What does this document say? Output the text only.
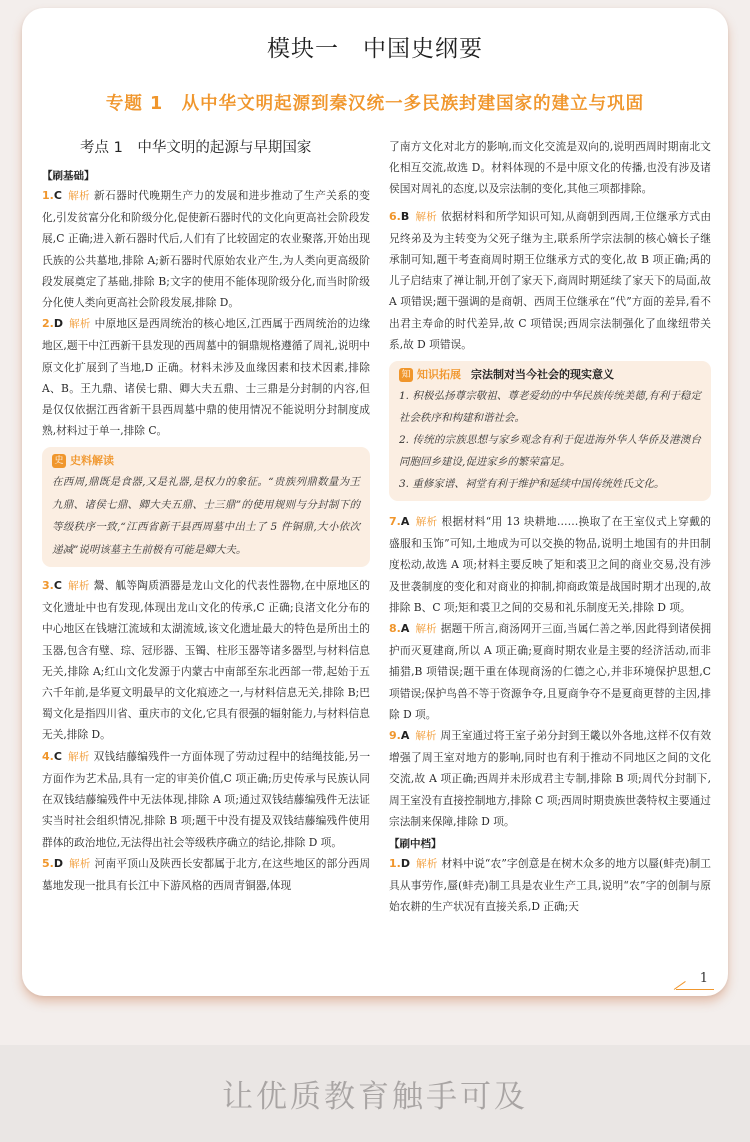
模块一　中国史纲要
专题 1　从中华文明起源到秦汉统一多民族封建国家的建立与巩固
考点 1　中华文明的起源与早期国家
【刷基础】
1.C 解析 新石器时代晚期生产力的发展和进步推动了生产关系的变化,引发贫富分化和阶级分化,促使新石器时代的文化向更高社会阶段发展,C 正确;进入新石器时代后,人们有了比较固定的农业聚落,开始出现氏族的公共墓地,排除 A;新石器时代原始农业产生,为人类向更高级阶段发展奠定了基础,排除 B;文字的使用不能体现阶级分化,而当时阶级分化使人类向更高社会阶段发展,排除 D。
2.D 解析 中原地区是西周统治的核心地区,江西属于西周统治的边缘地区,题干中江西新干县发现的西周墓中的铜鼎规格遵循了周礼,说明中原文化扩展到了当地,D 正确。材料未涉及血缘因素和技术因素,排除 A、B。王九鼎、诸侯七鼎、卿大夫五鼎、士三鼎是分封制的内容,但是仅仅依据江西省新干县西周墓中鼎的使用情况不能说明分封制度成熟,材料过于单一,排除 C。
史 史料解读
在西周,鼎既是食器,又是礼器,是权力的象征。“贵族列鼎数量为王九鼎、诸侯七鼎、卿大夫五鼎、士三鼎”的使用规则与分封制下的等级秩序一致,“江西省新干县西周墓中出土了 5 件铜鼎,大小依次递减”说明该墓主生前极有可能是卿大夫。
3.C 解析 鬶、觚等陶质酒器是龙山文化的代表性器物,在中原地区的文化遗址中也有发现,体现出龙山文化的传承,C 正确;良渚文化分布的中心地区在钱塘江流域和太湖流域,该文化遗址最大的特色是所出土的玉器,包含有璧、琮、冠形器、玉镯、柱形玉器等诸多器型,与材料信息无关,排除 A;红山文化发源于内蒙古中南部至东北西部一带,起始于五六千年前,是华夏文明最早的文化痕迹之一,与材料信息无关,排除 B;巴蜀文化是指四川省、重庆市的文化,它具有很强的辐射能力,与材料信息无关,排除 D。
4.C 解析 双钱结藤编残件一方面体现了劳动过程中的结绳技能,另一方面作为艺术品,具有一定的审美价值,C 项正确;历史传承与民族认同在双钱结藤编残件中无法体现,排除 A 项;通过双钱结藤编残件无法证实当时社会组织情况,排除 B 项;题干中没有提及双钱结藤编残件使用群体的政治地位,无法得出社会等级秩序确立的结论,排除 D 项。
5.D 解析 河南平顶山及陕西长安都属于北方,在这些地区的部分西周墓地发现一批具有长江中下游风格的西周青铜器,体现
了南方文化对北方的影响,而文化交流是双向的,说明西周时期南北文化相互交流,故选 D。材料体现的不是中原文化的传播,也没有涉及诸侯国对周礼的态度,以及宗法制的变化,其他三项都排除。
6.B 解析 依据材料和所学知识可知,从商朝到西周,王位继承方式由兄终弟及为主转变为父死子继为主,联系所学宗法制的核心嫡长子继承制可知,题干考查商周时期王位继承方式的变化,故 B 项正确;禹的儿子启结束了禅让制,开创了家天下,商周时期延续了家天下的局面,故 A 项错误;题干强调的是商朝、西周王位继承在“代”方面的差异,看不出君主寿命的时代差异,故 C 项错误;西周宗法制强化了血缘纽带关系,故 D 项错误。
知 知识拓展 宗法制对当今社会的现实意义
1. 积极弘扬尊宗敬祖、尊老爱幼的中华民族传统美德,有利于稳定社会秩序和构建和谐社会。
2. 传统的宗族思想与家乡观念有利于促进海外华人华侨及港澳台同胞回乡建设,促进家乡的繁荣富足。
3. 重修家谱、祠堂有利于维护和延续中国传统姓氏文化。
7.A 解析 根据材料“用 13 块耕地……换取了在王室仪式上穿戴的盛服和玉饰”可知,土地成为可以交换的物品,说明土地国有的井田制度松动,故选 A 项;材料主要反映了矩和裘卫之间的商业交易,没有涉及世袭制度的变化和对商业的抑制,抑商政策是战国时期才出现的,故排除 B、C 项;矩和裘卫之间的交易和礼乐制度无关,排除 D 项。
8.A 解析 据题干所言,商汤网开三面,当属仁善之举,因此得到诸侯拥护而灭夏建商,所以 A 项正确;夏商时期农业是主要的经济活动,而非捕猎,B 项错误;题干重在体现商汤的仁德之心,并非环境保护思想,C 项错误;保护鸟兽不等于资源争夺,且夏商争夺不是夏商更替的主因,排除 D 项。
9.A 解析 周王室通过将王室子弟分封到王畿以外各地,这样不仅有效增强了周王室对地方的影响,同时也有利于推动不同地区之间的文化交流,故 A 项正确;西周并未形成君主专制,排除 B 项;周代分封制下,周王室没有直接控制地方,排除 C 项;西周时期贵族世袭特权主要通过宗法制来保障,排除 D 项。
【刷中档】
1.D 解析 材料中说“农”字创意是在树木众多的地方以蜃(蚌壳)制工具从事劳作,蜃(蚌壳)制工具是农业生产工具,说明“农”字的创制与原始农耕的生产状况有直接关系,D 正确;天
1
让优质教育触手可及
